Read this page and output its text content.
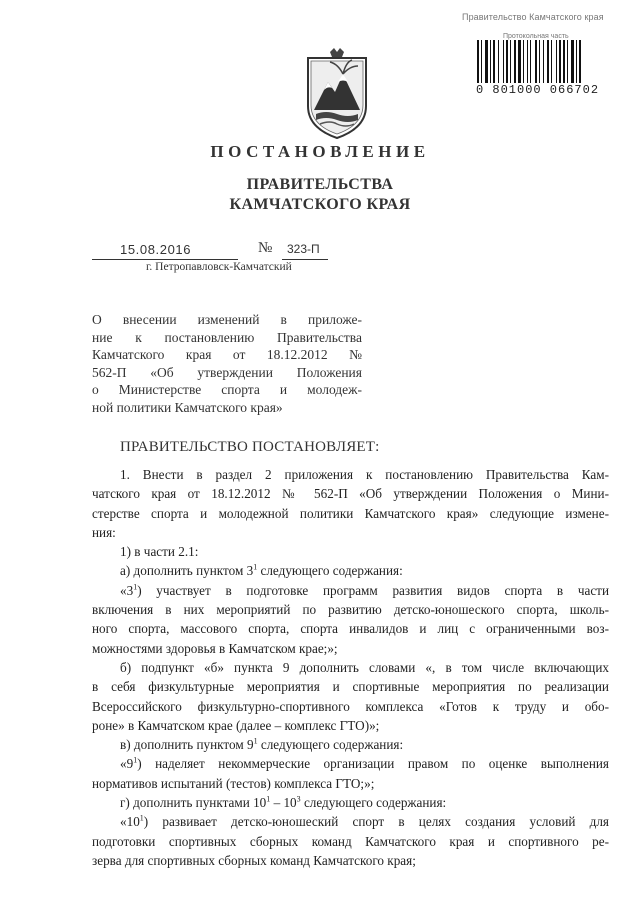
Правительство Камчатского края
Протокольная часть
0 801000 066702
ПОСТАНОВЛЕНИЕ
ПРАВИТЕЛЬСТВА
КАМЧАТСКОГО КРАЯ
15.08.2016	№ 323-П
г. Петропавловск-Камчатский
О внесении изменений в приложе-
ние к постановлению Правительства
Камчатского края от 18.12.2012 №
562-П «Об утверждении Положения
о Министерстве спорта и молодеж-
ной политики Камчатского края»
ПРАВИТЕЛЬСТВО ПОСТАНОВЛЯЕТ:
1. Внести в раздел 2 приложения к постановлению Правительства Кам-
чатского края от 18.12.2012 № 562-П «Об утверждении Положения о Мини-
стерстве спорта и молодежной политики Камчатского края» следующие измене-
ния:
1) в части 2.1:
а) дополнить пунктом $3^1$ следующего содержания:
«$3^1$) участвует в подготовке программ развития видов спорта в части
включения в них мероприятий по развитию детско-юношеского спорта, школь-
ного спорта, массового спорта, спорта инвалидов и лиц с ограниченными воз-
можностями здоровья в Камчатском крае;»;
б) подпункт «б» пункта 9 дополнить словами «, в том числе включающих
в себя физкультурные мероприятия и спортивные мероприятия по реализации
Всероссийского физкультурно-спортивного комплекса «Готов к труду и обо-
роне» в Камчатском крае (далее – комплекс ГТО)»;
в) дополнить пунктом $9^1$ следующего содержания:
«$9^1$) наделяет некоммерческие организации правом по оценке выполнения
нормативов испытаний (тестов) комплекса ГТО;»;
г) дополнить пунктами $10^1 - 10^3$ следующего содержания:
«$10^1$) развивает детско-юношеский спорт в целях создания условий для
подготовки спортивных сборных команд Камчатского края и спортивного ре-
зерва для спортивных сборных команд Камчатского края;
